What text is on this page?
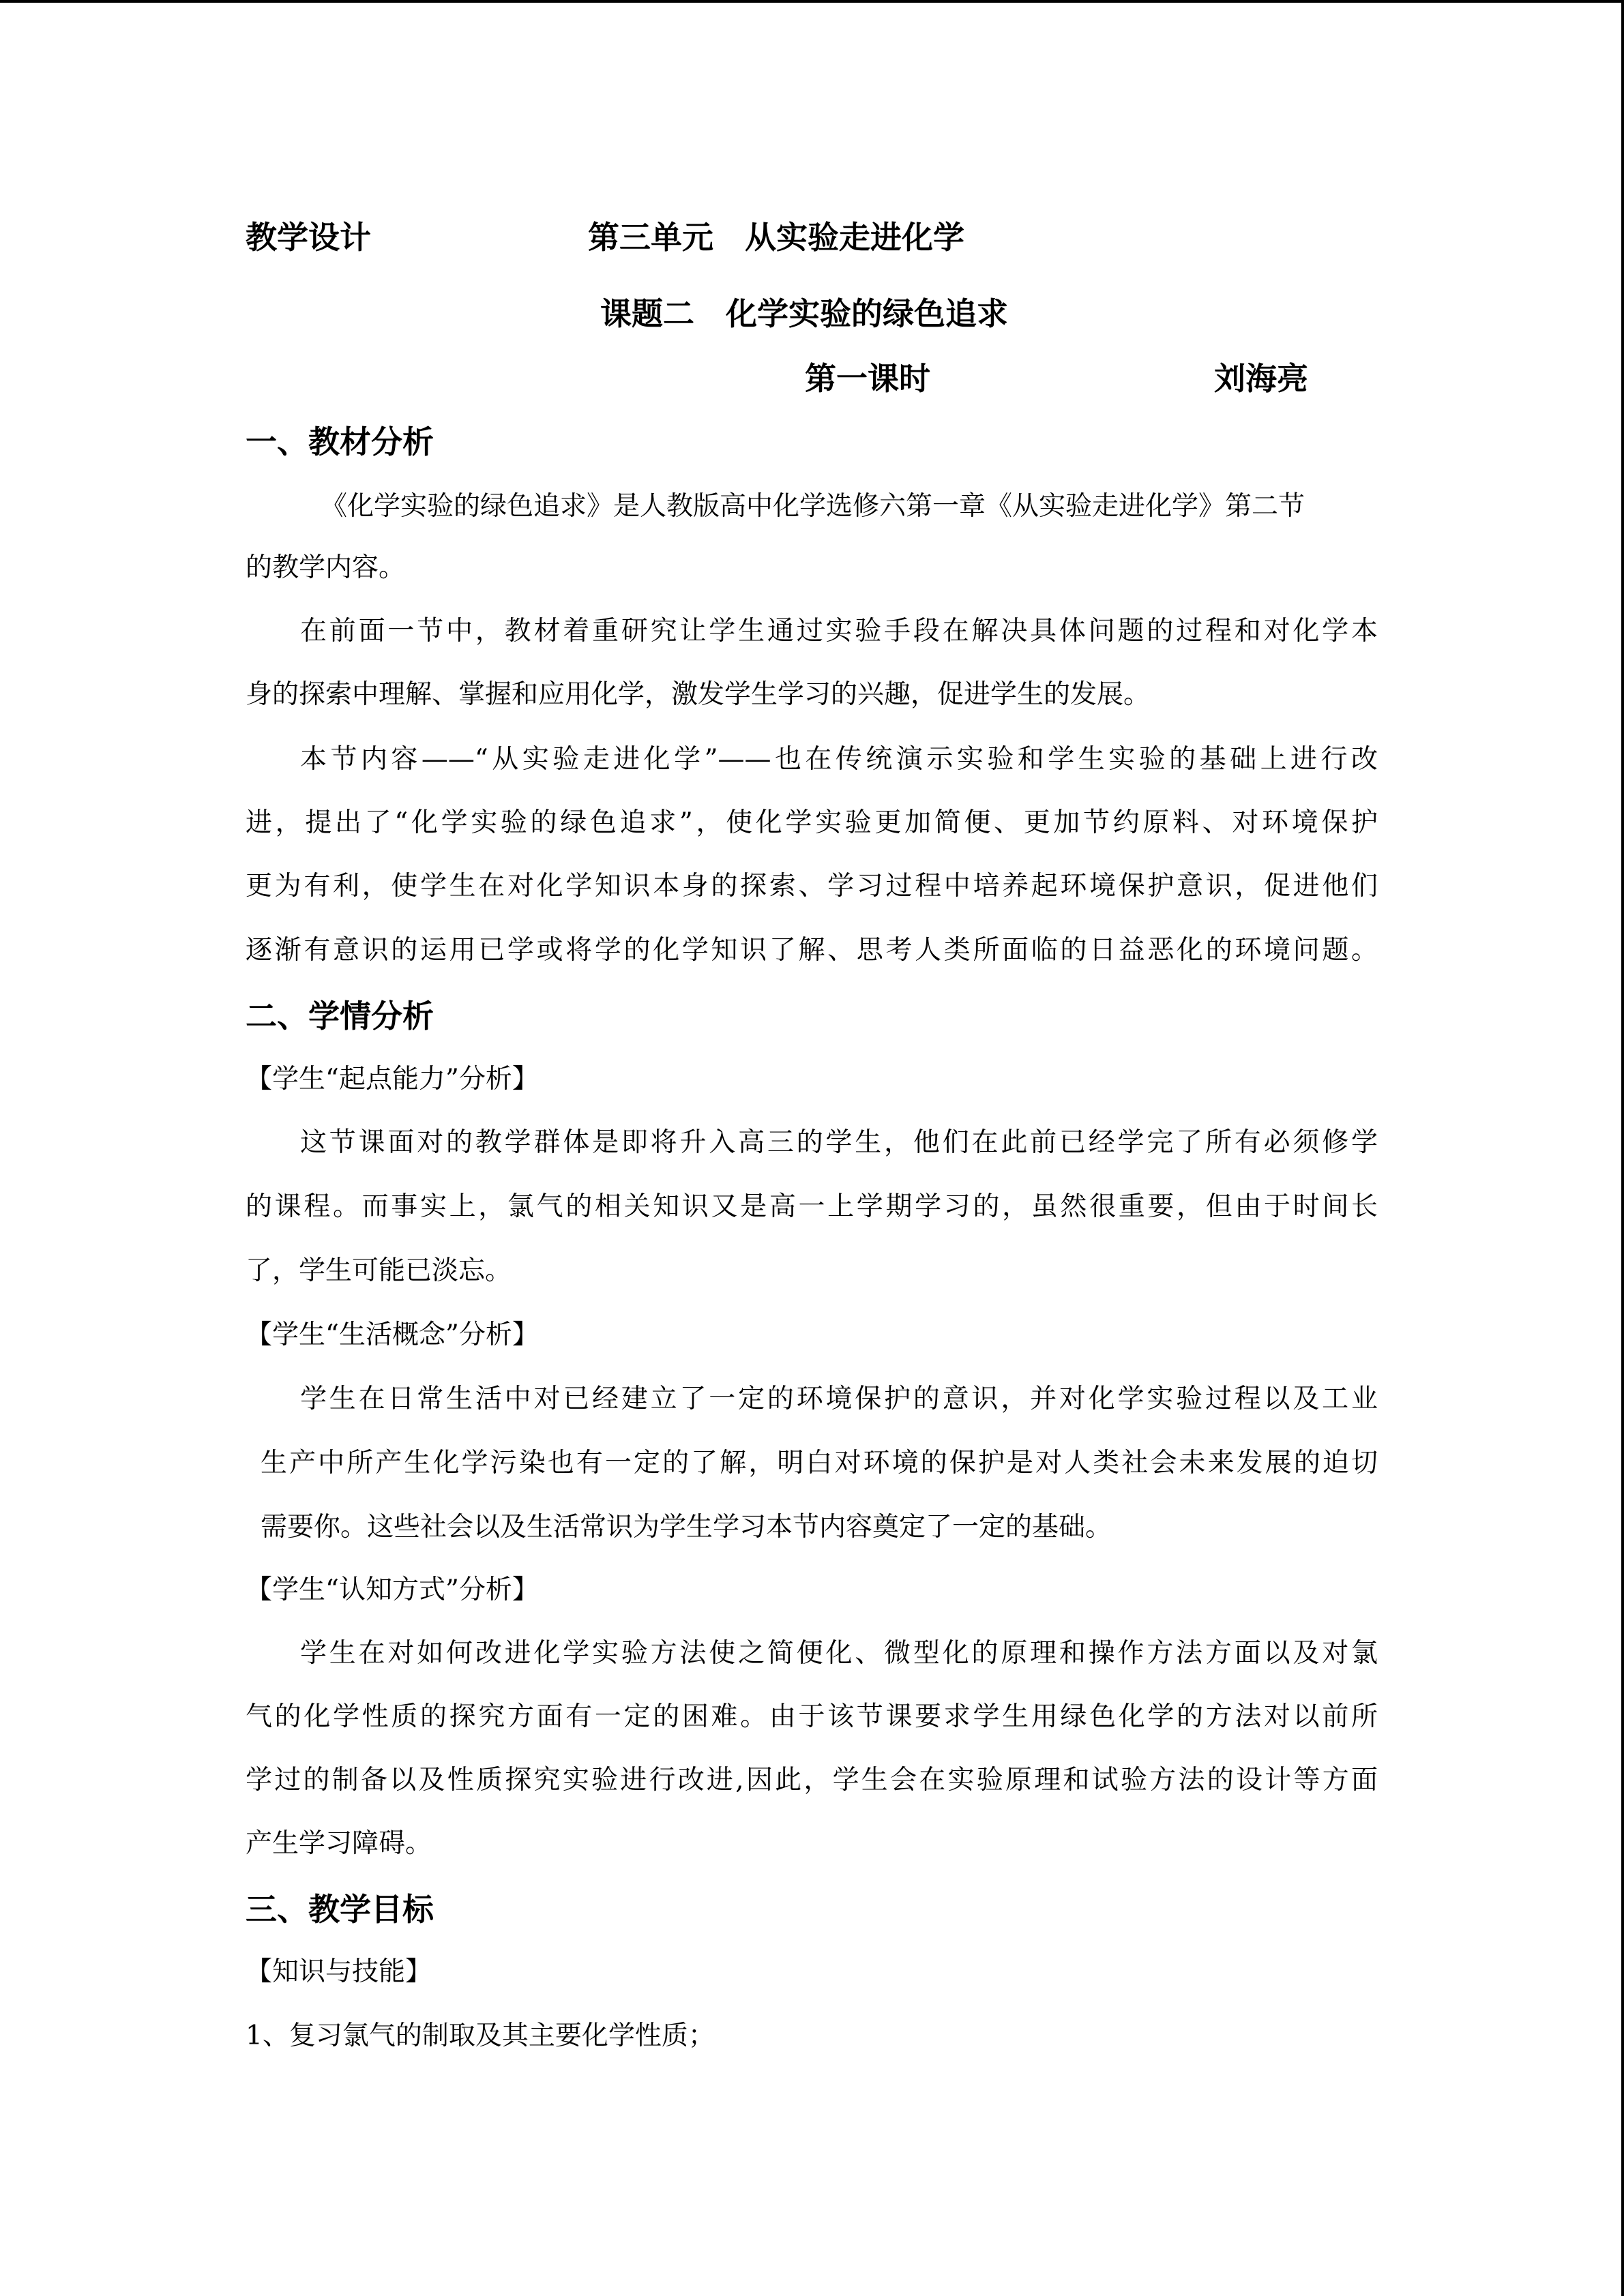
教学设计	第三单元　从实验走进化学
课题二　化学实验的绿色追求
第一课时	刘海亮
一、教材分析
《化学实验的绿色追求》是人教版高中化学选修六第一章《从实验走进化学》第二节
的教学内容。
在前面一节中，教材着重研究让学生通过实验手段在解决具体问题的过程和对化学本
身的探索中理解、掌握和应用化学，激发学生学习的兴趣，促进学生的发展。
本节内容——“从实验走进化学”——也在传统演示实验和学生实验的基础上进行改
进，提出了“化学实验的绿色追求”，使化学实验更加简便、更加节约原料、对环境保护
更为有利，使学生在对化学知识本身的探索、学习过程中培养起环境保护意识，促进他们
逐渐有意识的运用已学或将学的化学知识了解、思考人类所面临的日益恶化的环境问题。
二、学情分析
【学生“起点能力”分析】
这节课面对的教学群体是即将升入高三的学生，他们在此前已经学完了所有必须修学
的课程。而事实上，氯气的相关知识又是高一上学期学习的，虽然很重要，但由于时间长
了，学生可能已淡忘。
【学生“生活概念”分析】
学生在日常生活中对已经建立了一定的环境保护的意识，并对化学实验过程以及工业
生产中所产生化学污染也有一定的了解，明白对环境的保护是对人类社会未来发展的迫切
需要你。这些社会以及生活常识为学生学习本节内容奠定了一定的基础。
【学生“认知方式”分析】
学生在对如何改进化学实验方法使之简便化、微型化的原理和操作方法方面以及对氯
气的化学性质的探究方面有一定的困难。由于该节课要求学生用绿色化学的方法对以前所
学过的制备以及性质探究实验进行改进,因此，学生会在实验原理和试验方法的设计等方面
产生学习障碍。
三、教学目标
【知识与技能】
1、复习氯气的制取及其主要化学性质；
